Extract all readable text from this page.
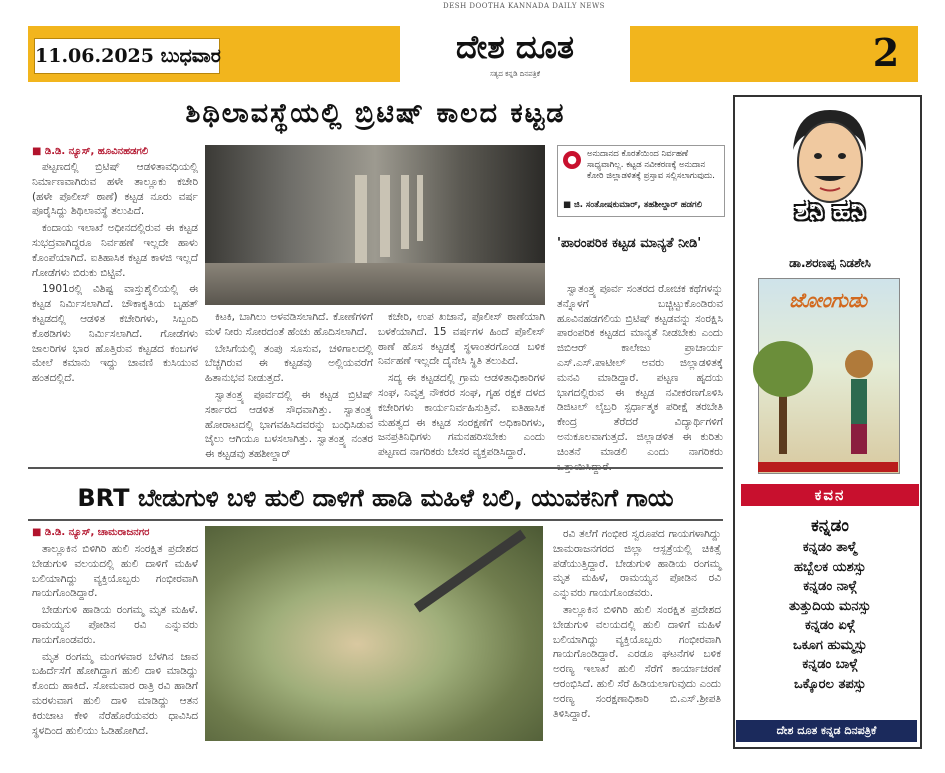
11.06.2025 ಬುಧವಾರ	ದೇಶ ದೂತ
DESH DOOTHA KANNADA DAILY NEWS
ಸತ್ಯದ ಕನ್ನಡಿ ದಿನಪತ್ರಿಕೆ	2
ಶಿಥಿಲಾವಸ್ಥೆಯಲ್ಲಿ ಬ್ರಿಟಿಷ್ ಕಾಲದ ಕಟ್ಟಡ
■ ಡಿ.ಡಿ. ನ್ಯೂಸ್, ಹೂವಿನಹಡಗಲಿ

ಪಟ್ಟಣದಲ್ಲಿ ಬ್ರಿಟಿಷ್ ಆಡಳಿತಾವಧಿಯಲ್ಲಿ ನಿರ್ಮಾಣವಾಗಿರುವ ಹಳೇ ತಾಲ್ಲೂಕು ಕಚೇರಿ (ಹಳೇ ಪೊಲೀಸ್ ಠಾಣೆ) ಕಟ್ಟಡ ನೂರು ವರ್ಷ ಪೂರೈಸಿದ್ದು ಶಿಥಿಲಾವಸ್ಥೆ ತಲುಪಿದೆ.

ಕಂದಾಯ ಇಲಾಖೆ ಅಧೀನದಲ್ಲಿರುವ ಈ ಕಟ್ಟಡ ಸುಭದ್ರವಾಗಿದ್ದರೂ ನಿರ್ವಹಣೆ ಇಲ್ಲದೇ ಹಾಳು ಕೊಂಪೆಯಾಗಿದೆ. ಐತಿಹಾಸಿಕ ಕಟ್ಟಡ ಕಾಳಜಿ ಇಲ್ಲದೆ ಗೋಡೆಗಳು ಬಿರುಕು ಬಿಟ್ಟಿವೆ.

1901ರಲ್ಲಿ ವಿಶಿಷ್ಟ ವಾಸ್ತುಶೈಲಿಯಲ್ಲಿ ಈ ಕಟ್ಟಡ ನಿರ್ಮಿಸಲಾಗಿದೆ. ಚೌಕಾಕೃತಿಯ ಬೃಹತ್ ಕಟ್ಟಡದಲ್ಲಿ ಆಡಳಿತ ಕಚೇರಿಗಳು, ಸಿಬ್ಬಂದಿ ಕೊಠಡಿಗಳು ನಿರ್ಮಿಸಲಾಗಿದೆ. ಗೋಡೆಗಳು ಜಾಲರಿಗಳ ಭಾರ ಹೊತ್ತಿರುವ ಕಟ್ಟಡದ ಕಂಬಗಳ ಮೇಲೆ ಕಮಾನು ಇದ್ದು ಚಾವಣಿ ಕುಸಿಯುವ ಹಂತದಲ್ಲಿದೆ.

ಕಿಟಕಿ, ಬಾಗಿಲು ಅಳವಡಿಸಲಾಗಿದೆ. ಕೋಣೆಗಳಿಗೆ ಮಳೆ ನೀರು ಸೋರದಂತೆ ಹೆಂಚು ಹೊದಿಸಲಾಗಿದೆ.

ಬೇಸಿಗೆಯಲ್ಲಿ ತಂಪು ಸೂಸುವ, ಚಳಿಗಾಲದಲ್ಲಿ ಬೆಚ್ಚಗಿರುವ ಈ ಕಟ್ಟಡವು ಅಲ್ಲಿಯವರೆಗೆ ಹಿತಾನುಭವ ನೀಡುತ್ತದೆ.

ಸ್ವಾತಂತ್ರ್ಯ ಪೂರ್ವದಲ್ಲಿ ಈ ಕಟ್ಟಡ ಬ್ರಿಟಿಷ್ ಸರ್ಕಾರದ ಆಡಳಿತ ಸೌಧವಾಗಿತ್ತು. ಸ್ವಾತಂತ್ರ್ಯ ಹೋರಾಟದಲ್ಲಿ ಭಾಗವಹಿಸಿದವರನ್ನು ಬಂಧಿಸಿಡುವ ಜೈಲು ಆಗಿಯೂ ಬಳಸಲಾಗಿತ್ತು. ಸ್ವಾತಂತ್ರ್ಯ ನಂತರ ಈ ಕಟ್ಟಡವು ತಹಶೀಲ್ದಾರ್

ಕಚೇರಿ, ಉಪ ಖಜಾನೆ, ಪೊಲೀಸ್ ಠಾಣೆಯಾಗಿ ಬಳಕೆಯಾಗಿದೆ. 15 ವರ್ಷಗಳ ಹಿಂದೆ ಪೊಲೀಸ್ ಠಾಣೆ ಹೊಸ ಕಟ್ಟಡಕ್ಕೆ ಸ್ಥಳಾಂತರಗೊಂಡ ಬಳಿಕ ನಿರ್ವಹಣೆ ಇಲ್ಲದೇ ದೈನೇಸಿ ಸ್ಥಿತಿ ತಲುಪಿದೆ.

ಸದ್ಯ ಈ ಕಟ್ಟಡದಲ್ಲಿ ಗ್ರಾಮ ಆಡಳಿತಾಧಿಕಾರಿಗಳ ಸಂಘ, ನಿವೃತ್ತ ನೌಕರರ ಸಂಘ, ಗೃಹ ರಕ್ಷಕ ದಳದ ಕಚೇರಿಗಳು ಕಾರ್ಯನಿರ್ವಹಿಸುತ್ತಿವೆ. ಐತಿಹಾಸಿಕ ಮಹತ್ವದ ಈ ಕಟ್ಟಡ ಸಂರಕ್ಷಣೆಗೆ ಅಧಿಕಾರಿಗಳು, ಜನಪ್ರತಿನಿಧಿಗಳು ಗಮನಹರಿಸಬೇಕು ಎಂದು ಪಟ್ಟಣದ ನಾಗರಿಕರು ಬೇಸರ ವ್ಯಕ್ತಪಡಿಸಿದ್ದಾರೆ.

●	ಅನುದಾನದ ಕೊರತೆಯಿಂದ ನಿರ್ವಹಣೆ ಸಾಧ್ಯವಾಗಿಲ್ಲ. ಕಟ್ಟಡ ನವೀಕರಣಕ್ಕೆ ಅನುದಾನ ಕೋರಿ ಜಿಲ್ಲಾಡಳಿತಕ್ಕೆ ಪ್ರಸ್ತಾವ ಸಲ್ಲಿಸಲಾಗುವುದು.
■ ಜಿ. ಸಂತೋಷಕುಮಾರ್, ತಹಶೀಲ್ದಾರ್ ಹಡಗಲಿ
'ಪಾರಂಪರಿಕ ಕಟ್ಟಡ ಮಾನ್ಯತೆ ನೀಡಿ'

ಸ್ವಾತಂತ್ರ್ಯ ಪೂರ್ವ ಸಂತರದ ರೋಚಕ ಕಥೆಗಳನ್ನು ತನ್ನೊಳಗೆ ಬಚ್ಚಿಟ್ಟುಕೊಂಡಿರುವ ಹೂವಿನಹಡಗಲಿಯ ಬ್ರಿಟಿಷ್ ಕಟ್ಟಡವನ್ನು ಸಂರಕ್ಷಿಸಿ ಪಾರಂಪರಿಕ ಕಟ್ಟಡದ ಮಾನ್ಯತೆ ನೀಡಬೇಕು ಎಂದು ಜಿಬಿಆರ್ ಕಾಲೇಜು ಪ್ರಾಚಾರ್ಯ ಎಸ್.ಎಸ್.ಪಾಟೀಲ್ ಅವರು ಜಿಲ್ಲಾಡಳಿತಕ್ಕೆ ಮನವಿ ಮಾಡಿದ್ದಾರೆ. ಪಟ್ಟಣ ಹೃದಯ ಭಾಗದಲ್ಲಿರುವ ಈ ಕಟ್ಟಡ ನವೀಕರಣಗೊಳಿಸಿ ಡಿಜಿಟಲ್ ಲೈಬ್ರರಿ ಸ್ಪರ್ಧಾತ್ಮಕ ಪರೀಕ್ಷೆ ತರಬೇತಿ ಕೇಂದ್ರ ತೆರೆದರೆ ವಿದ್ಯಾರ್ಥಿಗಳಿಗೆ ಅನುಕೂಲವಾಗುತ್ತದೆ. ಜಿಲ್ಲಾಡಳಿತ ಈ ಕುರಿತು ಚಿಂತನೆ ಮಾಡಲಿ ಎಂದು ನಾಗರಿಕರು

BRT ಬೇಡುಗುಳಿ ಬಳಿ ಹುಲಿ ದಾಳಿಗೆ ಹಾಡಿ ಮಹಿಳೆ ಬಲಿ, ಯುವಕನಿಗೆ ಗಾಯ
■ ಡಿ.ಡಿ. ನ್ಯೂಸ್, ಚಾಮರಾಜನಗರ

ತಾಲ್ಲೂಕಿನ ಬಿಳಿಗಿರಿ ಹುಲಿ ಸಂರಕ್ಷಿತ ಪ್ರದೇಶದ ಬೇಡುಗುಳಿ ವಲಯದಲ್ಲಿ ಹುಲಿ ದಾಳಿಗೆ ಮಹಿಳೆ ಬಲಿಯಾಗಿದ್ದು ವ್ಯಕ್ತಿಯೊಬ್ಬರು ಗಂಭೀರವಾಗಿ ಗಾಯಗೊಂಡಿದ್ದಾರೆ.

ಬೇಡುಗುಳಿ ಹಾಡಿಯ ರಂಗಮ್ಮ ಮೃತ ಮಹಿಳೆ. ರಾಮಯ್ಯನ ಪೋಡಿನ ರವಿ ಎನ್ನುವರು ಗಾಯಗೊಂಡವರು.

ಮೃತ ರಂಗಮ್ಮ ಮಂಗಳವಾರ ಬೆಳಗಿನ ಜಾವ ಬಹಿರ್ದೆಸೆಗೆ ಹೋಗಿದ್ದಾಗ ಹುಲಿ ದಾಳಿ ಮಾಡಿದ್ದು ಕೊಂದು ಹಾಕಿದೆ. ಸೋಮವಾರ ರಾತ್ರಿ ರವಿ ಹಾಡಿಗೆ ಮರಳುವಾಗ ಹುಲಿ ದಾಳಿ ಮಾಡಿದ್ದು ಆತನ ಕಿರುಚಾಟ ಕೇಳಿ ನೆರೆಹೊರೆಯವರು ಧಾವಿಸಿದ ಸ್ಥಳದಿಂದ ಹುಲಿಯು ಓಡಿಹೋಗಿದೆ.

ರವಿ ತಲೆಗೆ ಗಂಭೀರ ಸ್ವರೂಪದ ಗಾಯಗಳಾಗಿದ್ದು ಚಾಮರಾಜನಗರದ ಜಿಲ್ಲಾ ಆಸ್ಪತ್ರೆಯಲ್ಲಿ ಚಿಕಿತ್ಸೆ ಪಡೆಯುತ್ತಿದ್ದಾರೆ. ಬೇಡುಗುಳಿ ಹಾಡಿಯ ರಂಗಮ್ಮ ಮೃತ ಮಹಿಳೆ, ರಾಮಯ್ಯನ ಪೋಡಿನ ರವಿ ಎನ್ನುವರು ಗಾಯಗೊಂಡವರು.

ತಾಲ್ಲೂಕಿನ ಬಿಳಿಗಿರಿ ಹುಲಿ ಸಂರಕ್ಷಿತ ಪ್ರದೇಶದ ಬೇಡುಗುಳಿ ವಲಯದಲ್ಲಿ ಹುಲಿ ದಾಳಿಗೆ ಮಹಿಳೆ ಬಲಿಯಾಗಿದ್ದು ವ್ಯಕ್ತಿಯೊಬ್ಬರು ಗಂಭೀರವಾಗಿ ಗಾಯಗೊಂಡಿದ್ದಾರೆ. ಎರಡೂ ಘಟನೆಗಳ ಬಳಿಕ ಅರಣ್ಯ ಇಲಾಖೆ ಹುಲಿ ಸೆರೆಗೆ ಕಾರ್ಯಾಚರಣೆ ಆರಂಭಿಸಿದೆ. ಹುಲಿ ಸೆರೆ ಹಿಡಿಯಲಾಗುವುದು ಎಂದು ಅರಣ್ಯ ಸಂರಕ್ಷಣಾಧಿಕಾರಿ ಬಿ.ಎಸ್.ಶ್ರೀಪತಿ ತಿಳಿಸಿದ್ದಾರೆ.

ಶನಿ ಹನಿ
ಡಾ.ಶರಣಪ್ಪ ನಿಡಶೇಸಿ
ಜೋಂಗುಡು
ಕವನ
ಕನ್ನಡಂ
ಕನ್ನಡಂ ತಾಳ್ಮೆ
ಹಬ್ಬೆಲಕ ಯಶಸ್ಸು
ಕನ್ನಡಂ ನಾಳ್ಗೆ
ತುತ್ತುದಿಯ ಮನಸ್ಸು
ಕನ್ನಡಂ ಏಳ್ಗೆ
ಒಕೂಗ ಹುಮ್ಮಸ್ಸು
ಕನ್ನಡಂ ಬಾಳ್ಗೆ
ಒಕ್ಕೊರಲ ತಪಸ್ಸು
ದೇಶ ದೂತ ಕನ್ನಡ ದಿನಪತ್ರಿಕೆ
